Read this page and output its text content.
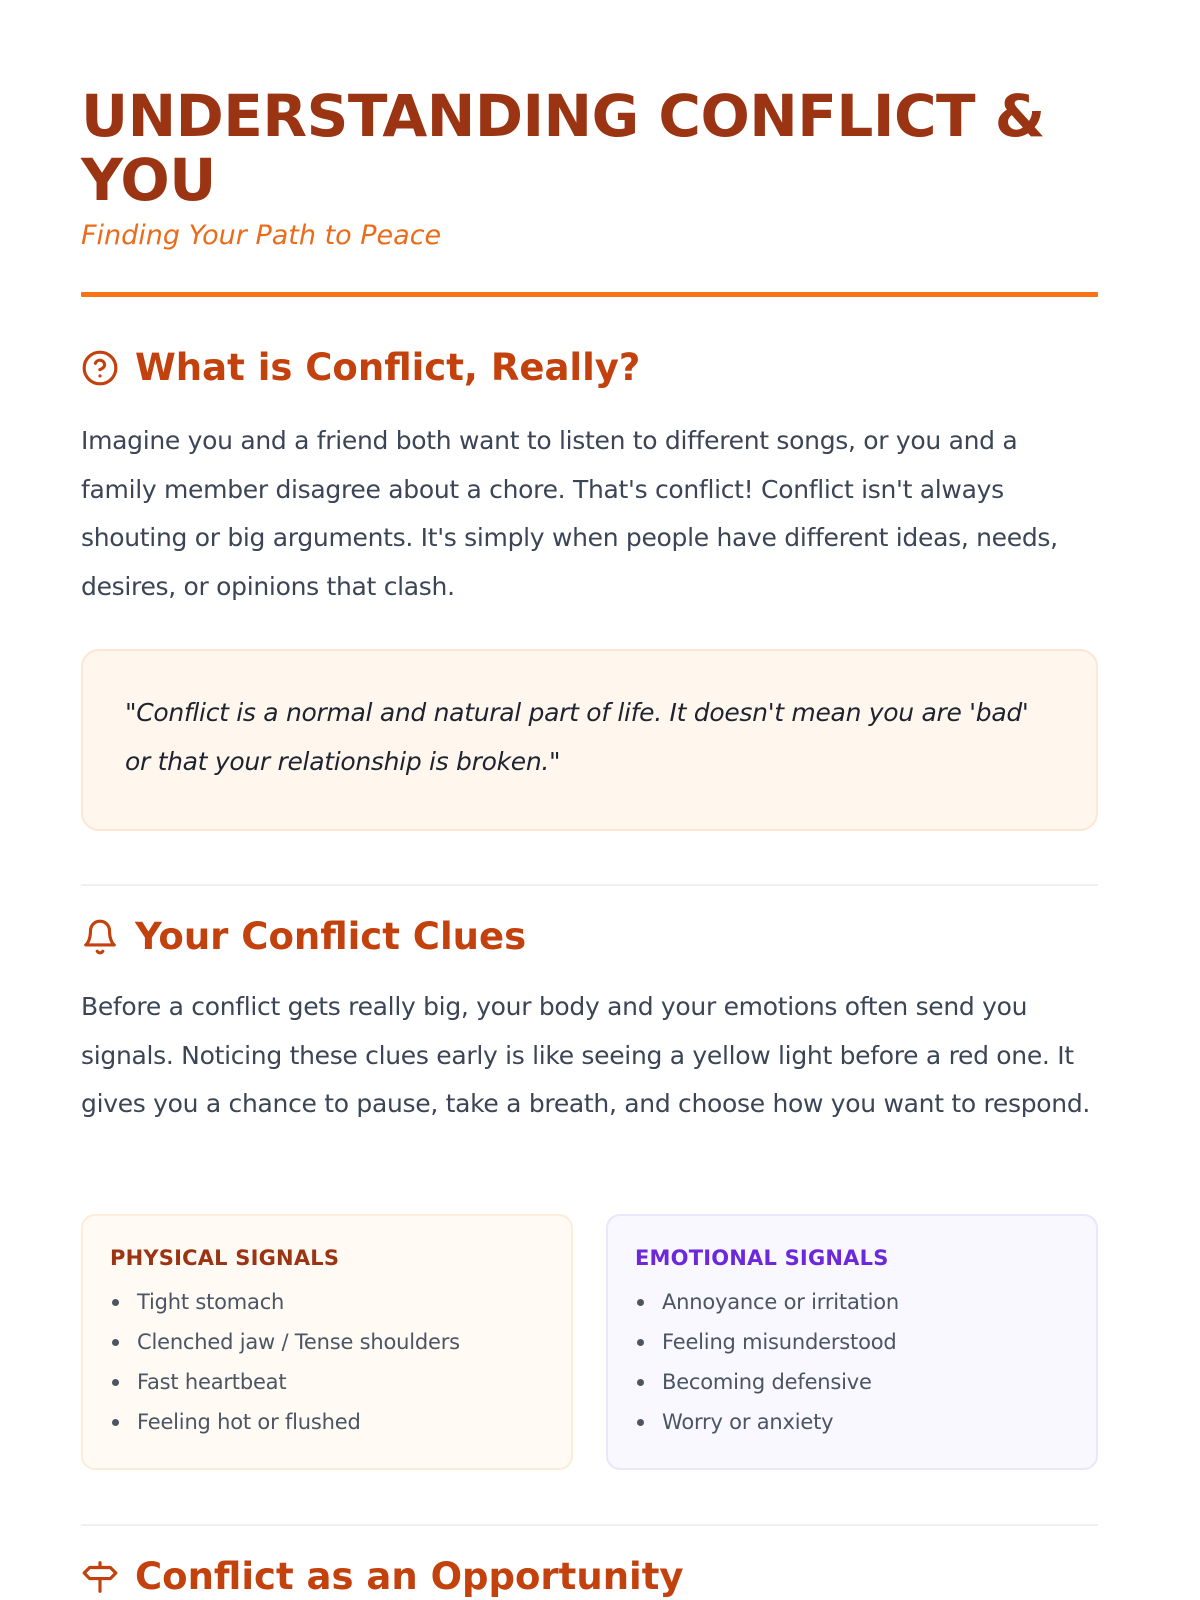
UNDERSTANDING CONFLICT & YOU

Finding Your Path to Peace

What is Conflict, Really?

Imagine you and a friend both want to listen to different songs, or you and a family member disagree about a chore. That's conflict! Conflict isn't always shouting or big arguments. It's simply when people have different ideas, needs, desires, or opinions that clash.

"Conflict is a normal and natural part of life. It doesn't mean you are 'bad' or that your relationship is broken."
Your Conflict Clues

Before a conflict gets really big, your body and your emotions often send you signals. Noticing these clues early is like seeing a yellow light before a red one. It gives you a chance to pause, take a breath, and choose how you want to respond.

PHYSICAL SIGNALS
Tight stomach
Clenched jaw / Tense shoulders
Fast heartbeat
Feeling hot or flushed
EMOTIONAL SIGNALS
Annoyance or irritation
Feeling misunderstood
Becoming defensive
Worry or anxiety
Conflict as an Opportunity
